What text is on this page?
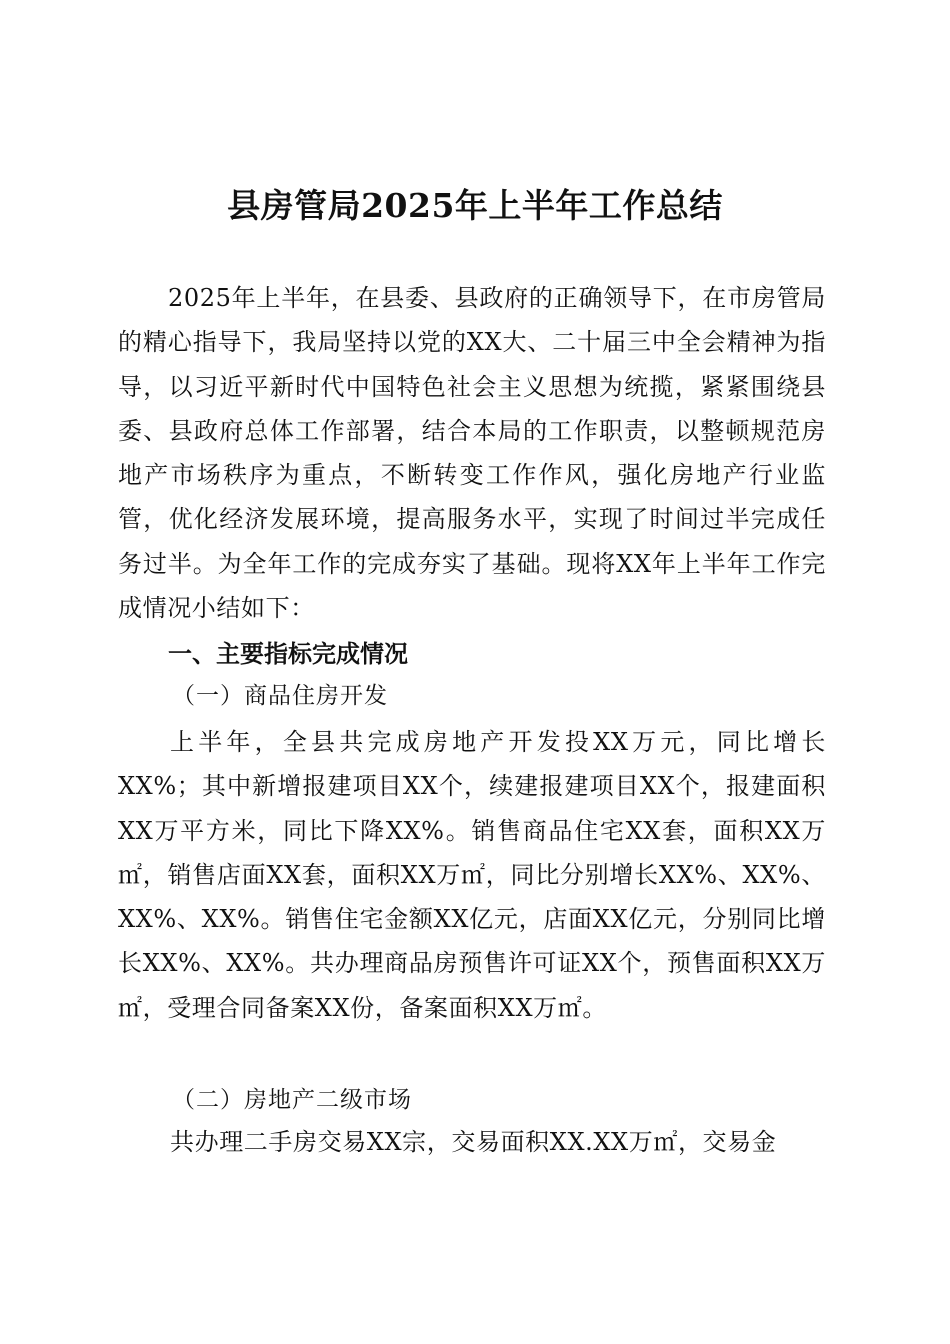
县房管局2025年上半年工作总结
2025年上半年，在县委、县政府的正确领导下，在市房管局的精心指导下，我局坚持以党的XX大、二十届三中全会精神为指导，以习近平新时代中国特色社会主义思想为统揽，紧紧围绕县委、县政府总体工作部署，结合本局的工作职责，以整顿规范房地产市场秩序为重点，不断转变工作作风，强化房地产行业监管，优化经济发展环境，提高服务水平，实现了时间过半完成任务过半。为全年工作的完成夯实了基础。现将XX年上半年工作完成情况小结如下：
一、主要指标完成情况
（一）商品住房开发
上半年，全县共完成房地产开发投XX万元，同比增长XX%；其中新增报建项目XX个，续建报建项目XX个，报建面积XX万平方米，同比下降XX%。销售商品住宅XX套，面积XX万㎡，销售店面XX套，面积XX万㎡，同比分别增长XX%、XX%、XX%、XX%。销售住宅金额XX亿元，店面XX亿元，分别同比增长XX%、XX%。共办理商品房预售许可证XX个，预售面积XX万㎡，受理合同备案XX份，备案面积XX万㎡。
（二）房地产二级市场
共办理二手房交易XX宗，交易面积XX.XX万㎡，交易金
